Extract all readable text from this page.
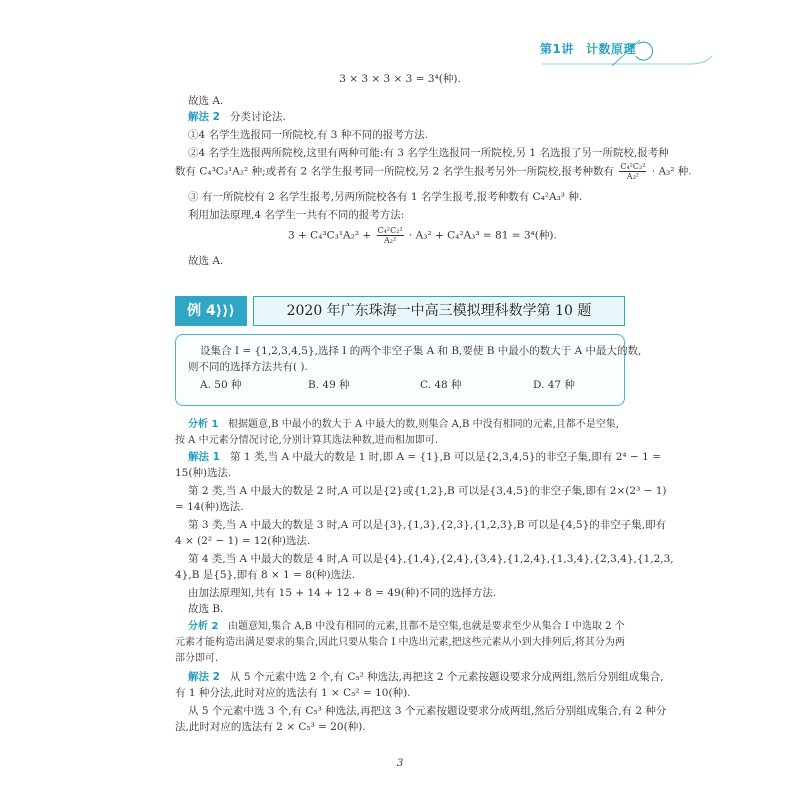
第1讲 计数原理
3 × 3 × 3 × 3 = 3⁴(种).
故选 A.
解法 2 分类讨论法.
①4 名学生选报同一所院校,有 3 种不同的报考方法.
②4 名学生选报两所院校,这里有两种可能:有 3 名学生选报同一所院校,另 1 名选报了另一所院校,报考种
数有 C₄³C₃¹A₂² 种;或者有 2 名学生报考同一所院校,另 2 名学生报考另外一所院校,报考种数有 $\frac{\text{C₄²C₂²}}{\text{A₂²}} \cdot A_3^2$ 种.
③ 有一所院校有 2 名学生报考,另两所院校各有 1 名学生报考,报考种数有 C₄²A₃³ 种.
利用加法原理,4 名学生一共有不同的报考方法:
$3 + C_4^3C_3^1A_2^2 + \frac{\text{C₄²C₂²}}{\text{A₂²}} \cdot A_3^2 + C_4^2A_3^3 = 81 = 3^4$(种).
故选 A.
例 4⟩⟩⟩	2020 年广东珠海一中高三模拟理科数学第 10 题
设集合 I = {1,2,3,4,5},选择 I 的两个非空子集 A 和 B,要使 B 中最小的数大于 A 中最大的数,
则不同的选择方法共有( ).
A. 50 种	B. 49 种	C. 48 种	D. 47 种
分析 1 根据题意,B 中最小的数大于 A 中最大的数,则集合 A,B 中没有相同的元素,且都不是空集,
按 A 中元素分情况讨论,分别计算其选法种数,进而相加即可.
解法 1 第 1 类,当 A 中最大的数是 1 时,即 A = {1},B 可以是{2,3,4,5}的非空子集,即有 2⁴ − 1 =
15(种)选法.
第 2 类,当 A 中最大的数是 2 时,A 可以是{2}或{1,2},B 可以是{3,4,5}的非空子集,即有 2×(2³ − 1)
= 14(种)选法.
第 3 类,当 A 中最大的数是 3 时,A 可以是{3},{1,3},{2,3},{1,2,3},B 可以是{4,5}的非空子集,即有
4 × (2² − 1) = 12(种)选法.
第 4 类,当 A 中最大的数是 4 时,A 可以是{4},{1,4},{2,4},{3,4},{1,2,4},{1,3,4},{2,3,4},{1,2,3,
4},B 是{5},即有 8 × 1 = 8(种)选法.
由加法原理知,共有 15 + 14 + 12 + 8 = 49(种)不同的选择方法.
故选 B.
分析 2 由题意知,集合 A,B 中没有相同的元素,且都不是空集,也就是要求至少从集合 I 中选取 2 个
元素才能构造出满足要求的集合,因此只要从集合 I 中选出元素,把这些元素从小到大排列后,将其分为两
部分即可.
解法 2 从 5 个元素中选 2 个,有 C₅² 种选法,再把这 2 个元素按题设要求分成两组,然后分别组成集合,
有 1 种分法,此时对应的选法有 1 × C₅² = 10(种).
从 5 个元素中选 3 个,有 C₅³ 种选法,再把这 3 个元素按题设要求分成两组,然后分别组成集合,有 2 种分
法,此时对应的选法有 2 × C₅³ = 20(种).
3
